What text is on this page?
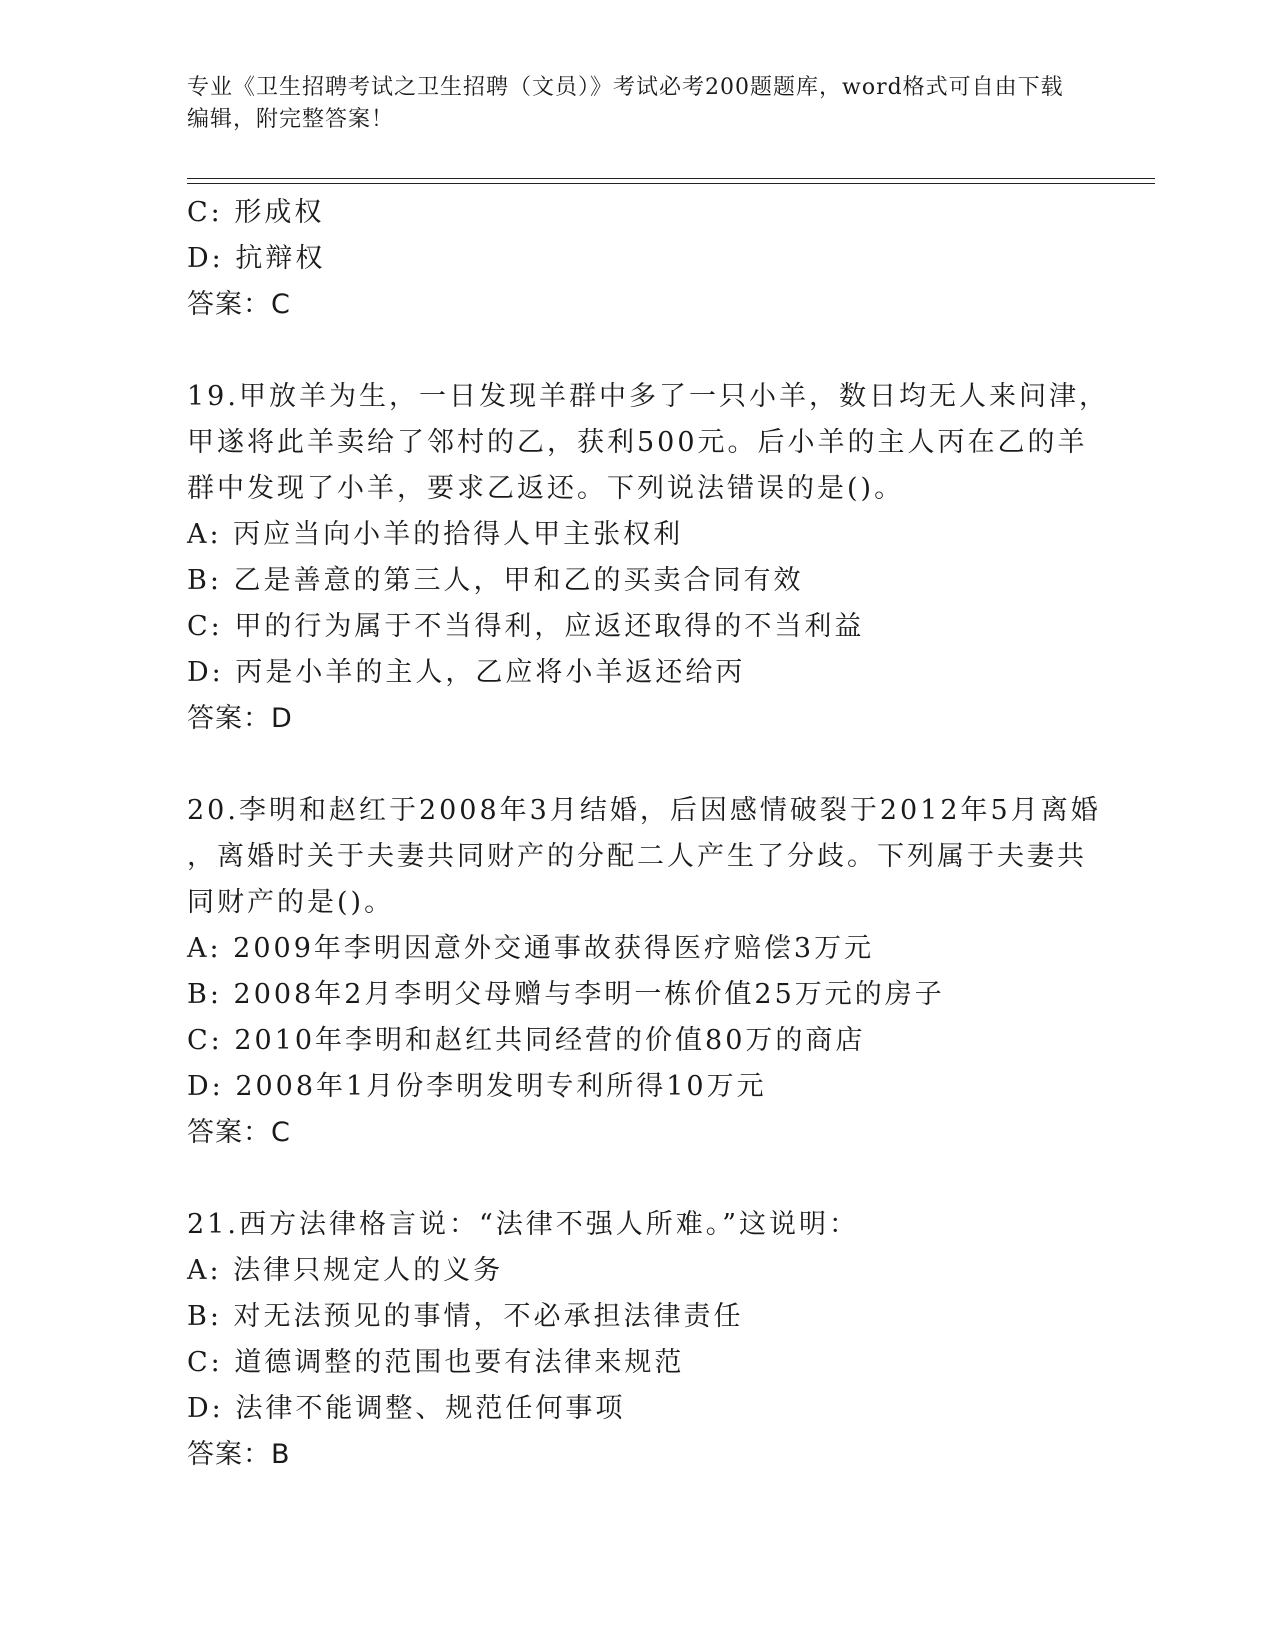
专业《卫生招聘考试之卫生招聘（文员）》考试必考200题题库，word格式可自由下载编辑，附完整答案！
C: 形成权
D: 抗辩权
答案：C
19.甲放羊为生，一日发现羊群中多了一只小羊，数日均无人来问津，
甲遂将此羊卖给了邻村的乙，获利500元。后小羊的主人丙在乙的羊
群中发现了小羊，要求乙返还。下列说法错误的是()。
A: 丙应当向小羊的拾得人甲主张权利
B: 乙是善意的第三人，甲和乙的买卖合同有效
C: 甲的行为属于不当得利，应返还取得的不当利益
D: 丙是小羊的主人，乙应将小羊返还给丙
答案：D
20.李明和赵红于2008年3月结婚，后因感情破裂于2012年5月离婚
，离婚时关于夫妻共同财产的分配二人产生了分歧。下列属于夫妻共
同财产的是()。
A: 2009年李明因意外交通事故获得医疗赔偿3万元
B: 2008年2月李明父母赠与李明一栋价值25万元的房子
C: 2010年李明和赵红共同经营的价值80万的商店
D: 2008年1月份李明发明专利所得10万元
答案：C
21.西方法律格言说：“法律不强人所难。”这说明：
A: 法律只规定人的义务
B: 对无法预见的事情，不必承担法律责任
C: 道德调整的范围也要有法律来规范
D: 法律不能调整、规范任何事项
答案：B
